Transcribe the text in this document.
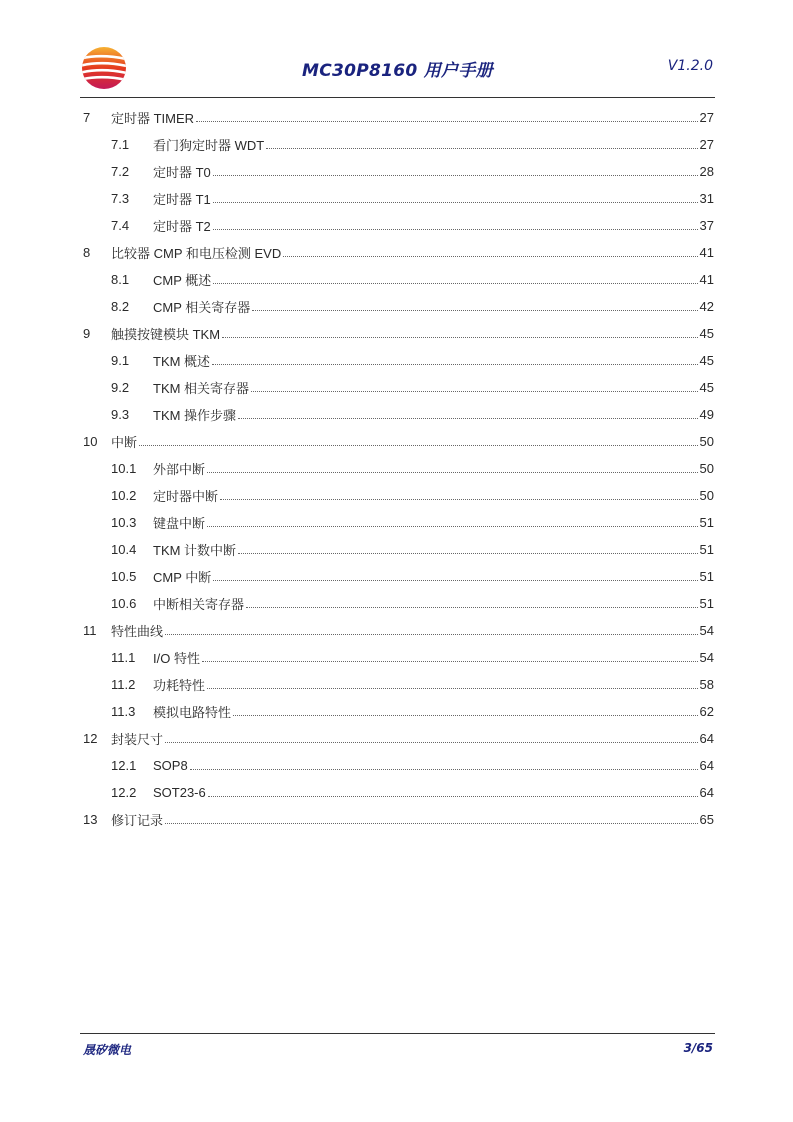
MC30P8160 用户手册	V1.2.0
7	定时器 TIMER	27
7.1	看门狗定时器 WDT	27
7.2	定时器 T0	28
7.3	定时器 T1	31
7.4	定时器 T2	37
8	比较器 CMP 和电压检测 EVD	41
8.1	CMP 概述	41
8.2	CMP 相关寄存器	42
9	触摸按键模块 TKM	45
9.1	TKM 概述	45
9.2	TKM 相关寄存器	45
9.3	TKM 操作步骤	49
10	中断	50
10.1	外部中断	50
10.2	定时器中断	50
10.3	键盘中断	51
10.4	TKM 计数中断	51
10.5	CMP 中断	51
10.6	中断相关寄存器	51
11	特性曲线	54
11.1	I/O 特性	54
11.2	功耗特性	58
11.3	模拟电路特性	62
12	封装尺寸	64
12.1	SOP8	64
12.2	SOT23-6	64
13	修订记录	65
晟矽微电	3/65
